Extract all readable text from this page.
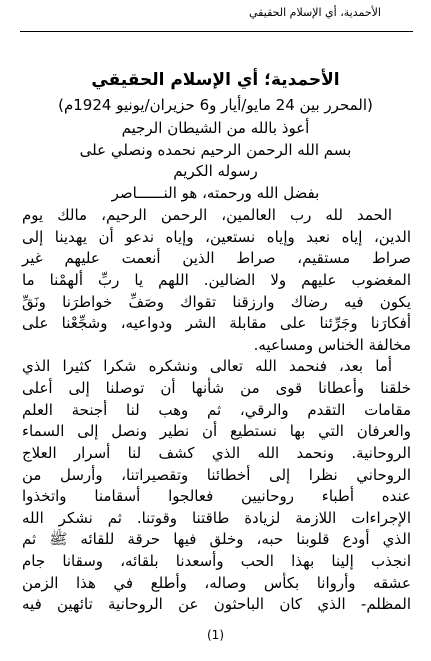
الأحمدية، أي الإسلام الحقيقي
الأحمدية؛ أي الإسلام الحقيقي
(المحرر بين 24 مايو/أيار و6 حزيران/يونيو 1924م)
أعوذ بالله من الشيطان الرجيم
بسم الله الرحمن الرحيم نحمده ونصلي على
رسوله الكريم
بفضل الله ورحمته، هو النــــــاصر
الحمد لله رب العالمين، الرحمن الرحيم، مالك يوم
الدين، إياه نعبد وإياه نستعين، وإياه ندعو أن يهدينا إلى
صراط مستقيم، صراط الذين أنعمت عليهم غير
المغضوب عليهم ولا الضالين. اللهم يا ربِّ ألهمْنا ما
يكون فيه رضاك وارزقنا تقواك وصَفِّ خواطرَنا ونَقِّ
أفكارَنا وجَرِّئنا على مقابلة الشر ودواعيه، وشجِّعْنا على
مخالفة الخناس ومساعيه.
أما بعد، فنحمد الله تعالى ونشكره شكرا كثيرا الذي
خلقنا وأعطانا قوى من شأنها أن توصلنا إلى أعلى
مقامات التقدم والرقي، ثم وهب لنا أجنحة العلم
والعرفان التي بها نستطيع أن نطير ونصل إلى السماء
الروحانية. ونحمد الله الذي كشف لنا أسرار العلاج
الروحاني نظرا إلى أخطائنا وتقصيراتنا، وأرسل من
عنده أطباء روحانيين فعالجوا أسقامنا واتخذوا
الإجراءات اللازمة لزيادة طاقتنا وقوتنا. ثم نشكر الله
الذي أودع قلوبنا حبه، وخلق فيها حرقة للقائه ﷺ ثم
انجذب إلينا بهذا الحب وأسعدنا بلقائه، وسقانا جام
عشقه وأروانا بكأس وصاله، وأطلع في هذا الزمن
المظلم- الذي كان الباحثون عن الروحانية تائهين فيه
(1)
